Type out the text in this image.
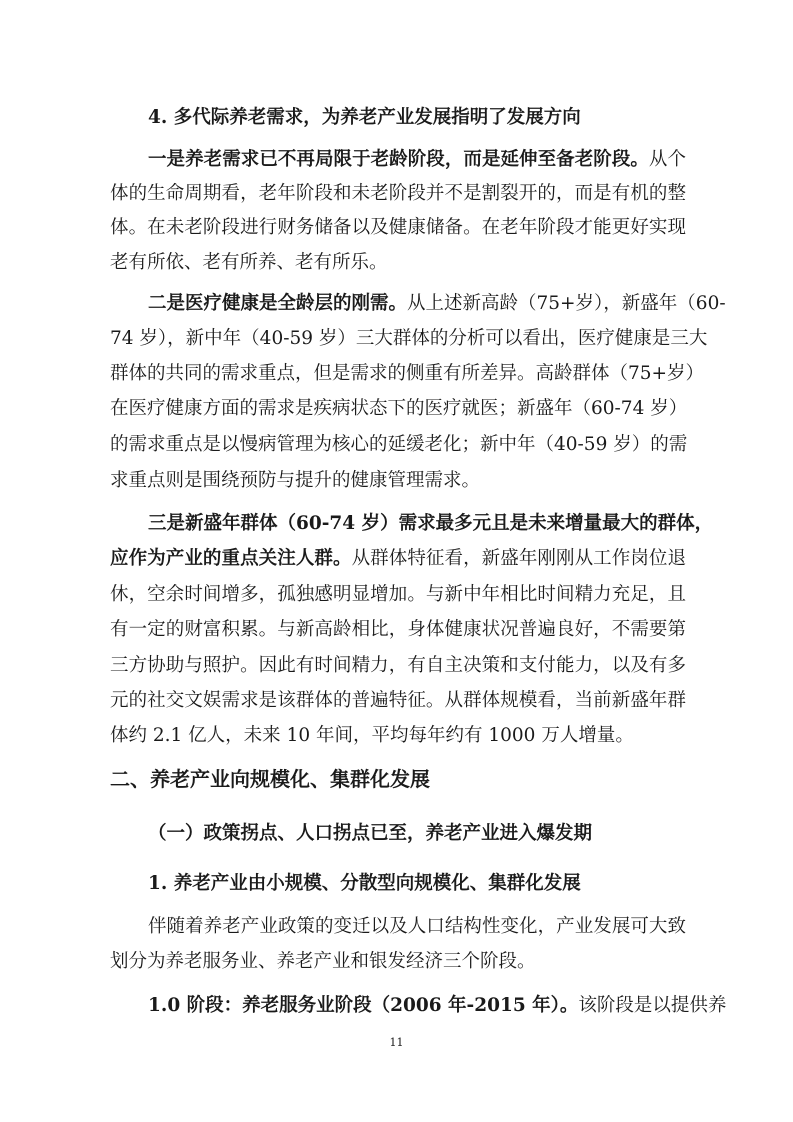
4. 多代际养老需求，为养老产业发展指明了发展方向
一是养老需求已不再局限于老龄阶段，而是延伸至备老阶段。从个
体的生命周期看，老年阶段和未老阶段并不是割裂开的，而是有机的整
体。在未老阶段进行财务储备以及健康储备。在老年阶段才能更好实现
老有所依、老有所养、老有所乐。
二是医疗健康是全龄层的刚需。从上述新高龄（75+岁），新盛年（60-
74 岁），新中年（40-59 岁）三大群体的分析可以看出，医疗健康是三大
群体的共同的需求重点，但是需求的侧重有所差异。高龄群体（75+岁）
在医疗健康方面的需求是疾病状态下的医疗就医；新盛年（60-74 岁）
的需求重点是以慢病管理为核心的延缓老化；新中年（40-59 岁）的需
求重点则是围绕预防与提升的健康管理需求。
三是新盛年群体（60-74 岁）需求最多元且是未来增量最大的群体，
应作为产业的重点关注人群。从群体特征看，新盛年刚刚从工作岗位退
休，空余时间增多，孤独感明显增加。与新中年相比时间精力充足，且
有一定的财富积累。与新高龄相比，身体健康状况普遍良好，不需要第
三方协助与照护。因此有时间精力，有自主决策和支付能力，以及有多
元的社交文娱需求是该群体的普遍特征。从群体规模看，当前新盛年群
体约 2.1 亿人，未来 10 年间，平均每年约有 1000 万人增量。
二、养老产业向规模化、集群化发展
（一）政策拐点、人口拐点已至，养老产业进入爆发期
1. 养老产业由小规模、分散型向规模化、集群化发展
伴随着养老产业政策的变迁以及人口结构性变化，产业发展可大致
划分为养老服务业、养老产业和银发经济三个阶段。
1.0 阶段：养老服务业阶段（2006 年-2015 年）。该阶段是以提供养
11
